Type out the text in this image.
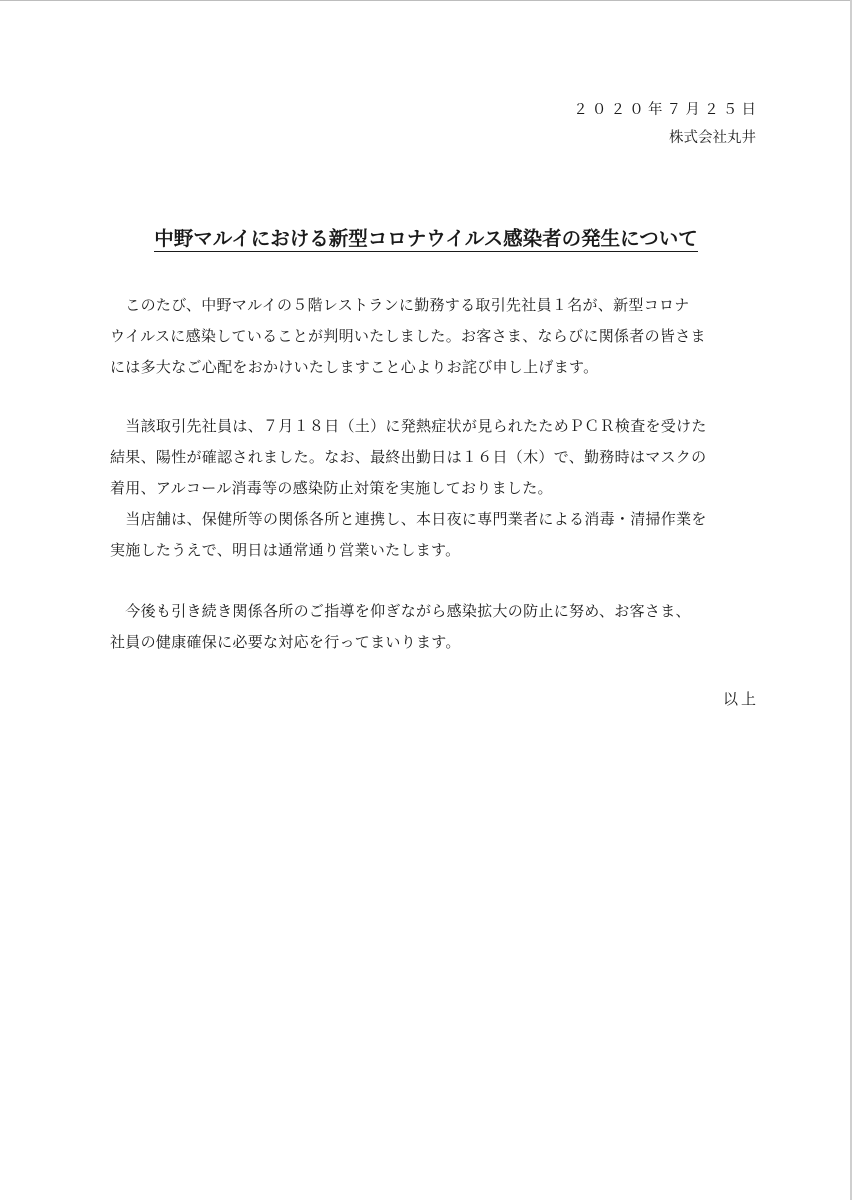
２０２０年７月２５日
株式会社丸井
中野マルイにおける新型コロナウイルス感染者の発生について
　このたび、中野マルイの５階レストランに勤務する取引先社員１名が、新型コロナ
ウイルスに感染していることが判明いたしました。お客さま、ならびに関係者の皆さま
には多大なご心配をおかけいたしますこと心よりお詫び申し上げます。
　当該取引先社員は、７月１８日（土）に発熱症状が見られたためＰＣＲ検査を受けた
結果、陽性が確認されました。なお、最終出勤日は１６日（木）で、勤務時はマスクの
着用、アルコール消毒等の感染防止対策を実施しておりました。
　当店舗は、保健所等の関係各所と連携し、本日夜に専門業者による消毒・清掃作業を
実施したうえで、明日は通常通り営業いたします。
　今後も引き続き関係各所のご指導を仰ぎながら感染拡大の防止に努め、お客さま、
社員の健康確保に必要な対応を行ってまいります。
以上
